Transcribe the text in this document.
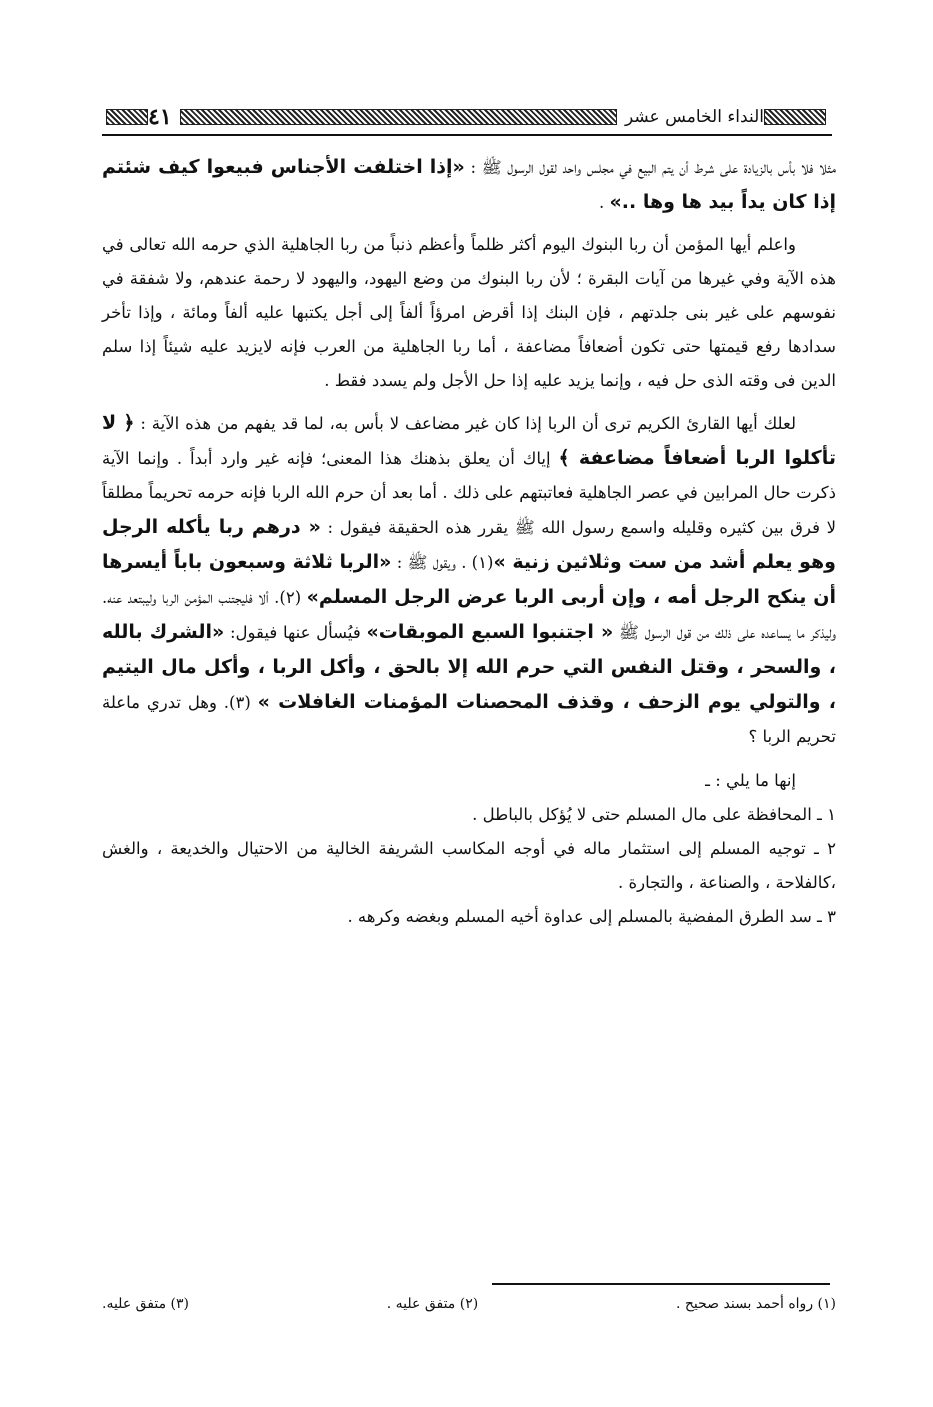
النداء الخامس عشر
٤١

مثلا فلا بأس بالزيادة على شرط أن يتم البيع في مجلس واحد لقول الرسول ﷺ : «إذا اختلفت الأجناس فبيعوا كيف شئتم إذا كان يداً بيد ها وها ..» .

واعلم أيها المؤمن أن ربا البنوك اليوم أكثر ظلماً وأعظم ذنباً من ربا الجاهلية الذي حرمه الله تعالى في هذه الآية وفي غيرها من آيات البقرة ؛ لأن ربا البنوك من وضع اليهود، واليهود لا رحمة عندهم، ولا شفقة في نفوسهم على غير بنى جلدتهم ، فإن البنك إذا أقرض امرؤاً ألفاً إلى أجل يكتبها عليه ألفاً ومائة ، وإذا تأخر سدادها رفع قيمتها حتى تكون أضعافاً مضاعفة ، أما ربا الجاهلية من العرب فإنه لايزيد عليه شيئاً إذا سلم الدين فى وقته الذى حل فيه ، وإنما يزيد عليه إذا حل الأجل ولم يسدد فقط .

لعلك أيها القارئ الكريم ترى أن الربا إذا كان غير مضاعف لا بأس به، لما قد يفهم من هذه الآية : ﴿ لا تأكلوا الربا أضعافاً مضاعفة ﴾ إياك أن يعلق بذهنك هذا المعنى؛ فإنه غير وارد أبداً . وإنما الآية ذكرت حال المرابين في عصر الجاهلية فعاتبتهم على ذلك . أما بعد أن حرم الله الربا فإنه حرمه تحريماً مطلقاً لا فرق بين كثيره وقليله واسمع رسول الله ﷺ يقرر هذه الحقيقة فيقول : « درهم ربا يأكله الرجل وهو يعلم أشد من ست وثلاثين زنية »(١) . ويقول ﷺ : «الربا ثلاثة وسبعون باباً أيسرها أن ينكح الرجل أمه ، وإن أربى الربا عرض الرجل المسلم» (٢). ألا فليجتنب المؤمن الربا وليبتعد عنه. وليذكر ما يساعده على ذلك من قول الرسول ﷺ « اجتنبوا السبع الموبقات» فيُسأل عنها فيقول: «الشرك بالله ، والسحر ، وقتل النفس التي حرم الله إلا بالحق ، وأكل الربا ، وأكل مال اليتيم ، والتولي يوم الزحف ، وقذف المحصنات المؤمنات الغافلات » (٣). وهل تدري ماعلة تحريم الربا ؟

إنها ما يلي : ـ
١ ـ المحافظة على مال المسلم حتى لا يُؤكل بالباطل .
٢ ـ توجيه المسلم إلى استثمار ماله في أوجه المكاسب الشريفة الخالية من الاحتيال والخديعة ، والغش ،كالفلاحة ، والصناعة ، والتجارة .
٣ ـ سد الطرق المفضية بالمسلم إلى عداوة أخيه المسلم وبغضه وكرهه .
(١) رواه أحمد بسند صحيح .
(٢) متفق عليه .
(٣) متفق عليه.
